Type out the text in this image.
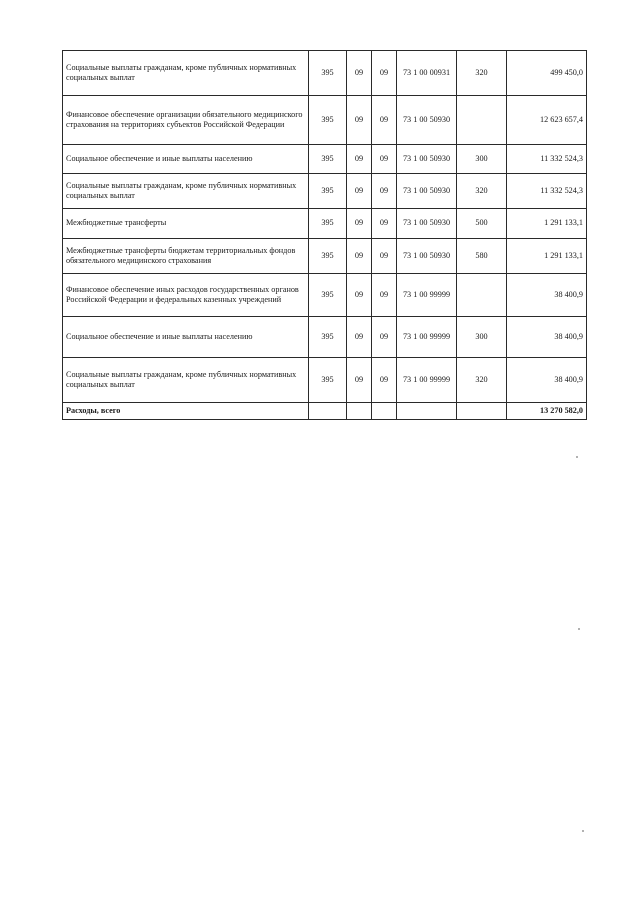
Социальные выплаты гражданам, кроме публичных нормативных социальных выплат	395	09	09	73 1 00 00931	320	499 450,0
Финансовое обеспечение организации обязательного медицинского страхования на территориях субъектов Российской Федерации	395	09	09	73 1 00 50930		12 623 657,4
Социальное обеспечение и иные выплаты населению	395	09	09	73 1 00 50930	300	11 332 524,3
Социальные выплаты гражданам, кроме публичных нормативных социальных выплат	395	09	09	73 1 00 50930	320	11 332 524,3
Межбюджетные трансферты	395	09	09	73 1 00 50930	500	1 291 133,1
Межбюджетные трансферты бюджетам территориальных фондов обязательного медицинского страхования	395	09	09	73 1 00 50930	580	1 291 133,1
Финансовое обеспечение иных расходов государственных органов Российской Федерации и федеральных казенных учреждений	395	09	09	73 1 00 99999		38 400,9
Социальное обеспечение и иные выплаты населению	395	09	09	73 1 00 99999	300	38 400,9
Социальные выплаты гражданам, кроме публичных нормативных социальных выплат	395	09	09	73 1 00 99999	320	38 400,9
Расходы, всего						13 270 582,0
